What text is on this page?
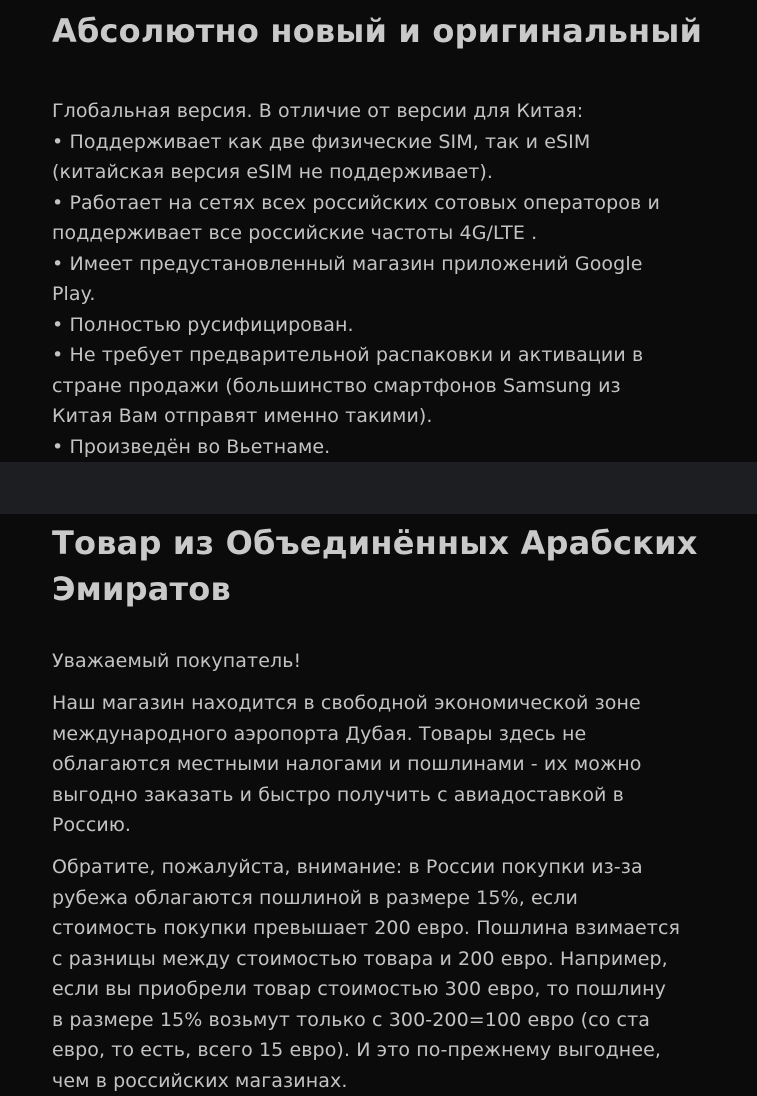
Абсолютно новый и оригинальный
Глобальная версия. В отличие от версии для Китая:
• Поддерживает как две физические SIM, так и eSIM
(китайская версия eSIM не поддерживает).
• Работает на сетях всех российских сотовых операторов и
поддерживает все российские частоты 4G/LTE .
• Имеет предустановленный магазин приложений Google
Play.
• Полностью русифицирован.
• Не требует предварительной распаковки и активации в
стране продажи (большинство смартфонов Samsung из
Китая Вам отправят именно такими).
• Произведён во Вьетнаме.
Товар из Объединённых Арабских
Эмиратов
Уважаемый покупатель!
Наш магазин находится в свободной экономической зоне
международного аэропорта Дубая. Товары здесь не
облагаются местными налогами и пошлинами - их можно
выгодно заказать и быстро получить с авиадоставкой в
Россию.
Обратите, пожалуйста, внимание: в России покупки из-за
рубежа облагаются пошлиной в размере 15%, если
стоимость покупки превышает 200 евро. Пошлина взимается
с разницы между стоимостью товара и 200 евро. Например,
если вы приобрели товар стоимостью 300 евро, то пошлину
в размере 15% возьмут только с 300-200=100 евро (со ста
евро, то есть, всего 15 евро). И это по-прежнему выгоднее,
чем в российских магазинах.
